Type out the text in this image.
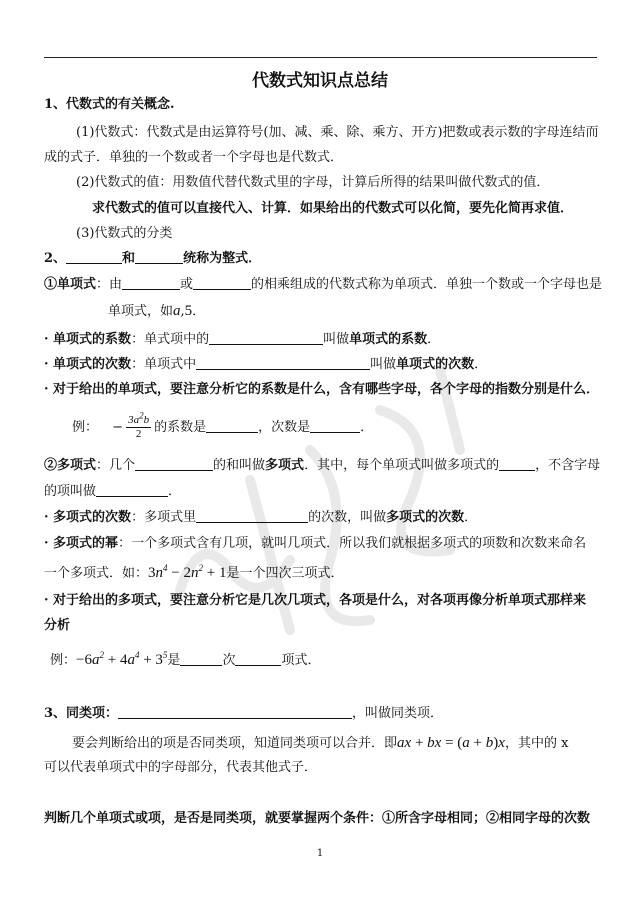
代数式知识点总结
1、代数式的有关概念.
(1)代数式：代数式是由运算符号(加、减、乘、除、乘方、开方)把数或表示数的字母连结而
成的式子．单独的一个数或者一个字母也是代数式．
(2)代数式的值：用数值代替代数式里的字母，计算后所得的结果叫做代数式的值．
求代数式的值可以直接代入、计算．如果给出的代数式可以化简，要先化简再求值．
(3)代数式的分类
2、	和	统称为整式．
①单项式：由	或	的相乘组成的代数式称为单项式．单独一个数或一个字母也是
单项式，如a,5．
· 单项式的系数：单式项中的	叫做单项式的系数．
· 单项式的次数：单项式中	叫做单项式的次数．
· 对于给出的单项式，要注意分析它的系数是什么，含有哪些字母，各个字母的指数分别是什么．
例： − $\frac{3a^2b}{2}$ 的系数是	，次数是	．
②多项式：几个	的和叫做多项式．其中，每个单项式叫做多项式的	，不含字母
的项叫做	．
· 多项式的次数：多项式里	的次数，叫做多项式的次数．
· 多项式的幂：一个多项式含有几项，就叫几项式．所以我们就根据多项式的项数和次数来命名
一个多项式．如：$3n^4 - 2n^2 + 1$是一个四次三项式．
· 对于给出的多项式，要注意分析它是几次几项式，各项是什么，对各项再像分析单项式那样来
分析
例：$-6a^2 + 4a^4 + 3^5$是	次	项式．
3、同类项：	，叫做同类项．
要会判断给出的项是否同类项，知道同类项可以合并．即ax + bx = (a + b)x，其中的 x
可以代表单项式中的字母部分，代表其他式子．
判断几个单项式或项，是否是同类项，就要掌握两个条件：①所含字母相同；②相同字母的次数
1
